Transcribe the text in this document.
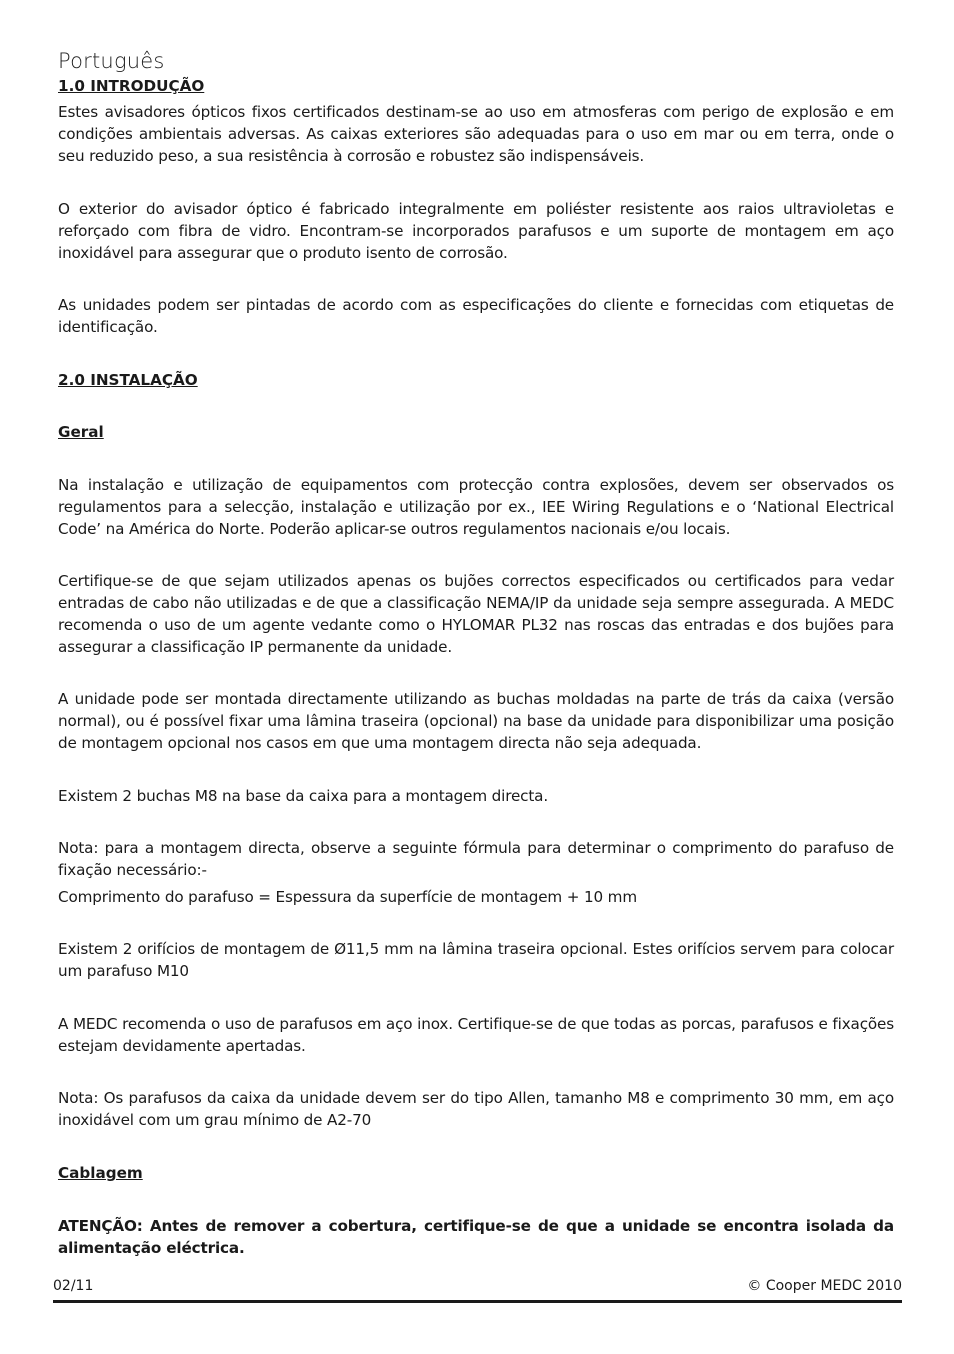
Português
1.0 INTRODUÇÃO

Estes avisadores ópticos fixos certificados destinam-se ao uso em atmosferas com perigo de explosão e em condições ambientais adversas. As caixas exteriores são adequadas para o uso em mar ou em terra, onde o seu reduzido peso, a sua resistência à corrosão e robustez são indispensáveis.

O exterior do avisador óptico é fabricado integralmente em poliéster resistente aos raios ultravioletas e reforçado com fibra de vidro. Encontram-se incorporados parafusos e um suporte de montagem em aço inoxidável para assegurar que o produto isento de corrosão.

As unidades podem ser pintadas de acordo com as especificações do cliente e fornecidas com etiquetas de identificação.

2.0 INSTALAÇÃO
Geral

Na instalação e utilização de equipamentos com protecção contra explosões, devem ser observados os regulamentos para a selecção, instalação e utilização por ex., IEE Wiring Regulations e o ‘National Electrical Code’ na América do Norte. Poderão aplicar-se outros regulamentos nacionais e/ou locais.

Certifique-se de que sejam utilizados apenas os bujões correctos especificados ou certificados para vedar entradas de cabo não utilizadas e de que a classificação NEMA/IP da unidade seja sempre assegurada. A MEDC recomenda o uso de um agente vedante como o HYLOMAR PL32 nas roscas das entradas e dos bujões para assegurar a classificação IP permanente da unidade.

A unidade pode ser montada directamente utilizando as buchas moldadas na parte de trás da caixa (versão normal), ou é possível fixar uma lâmina traseira (opcional) na base da unidade para disponibilizar uma posição de montagem opcional nos casos em que uma montagem directa não seja adequada.

Existem 2 buchas M8 na base da caixa para a montagem directa.

Nota: para a montagem directa, observe a seguinte fórmula para determinar o comprimento do parafuso de fixação necessário:-

Comprimento do parafuso = Espessura da superfície de montagem + 10 mm

Existem 2 orifícios de montagem de Ø11,5 mm na lâmina traseira opcional. Estes orifícios servem para colocar um parafuso M10

A MEDC recomenda o uso de parafusos em aço inox. Certifique-se de que todas as porcas, parafusos e fixações estejam devidamente apertadas.

Nota: Os parafusos da caixa da unidade devem ser do tipo Allen, tamanho M8 e comprimento 30 mm, em aço inoxidável com um grau mínimo de A2-70

Cablagem

ATENÇÃO: Antes de remover a cobertura, certifique-se de que a unidade se encontra isolada da alimentação eléctrica.

02/11	© Cooper MEDC 2010
